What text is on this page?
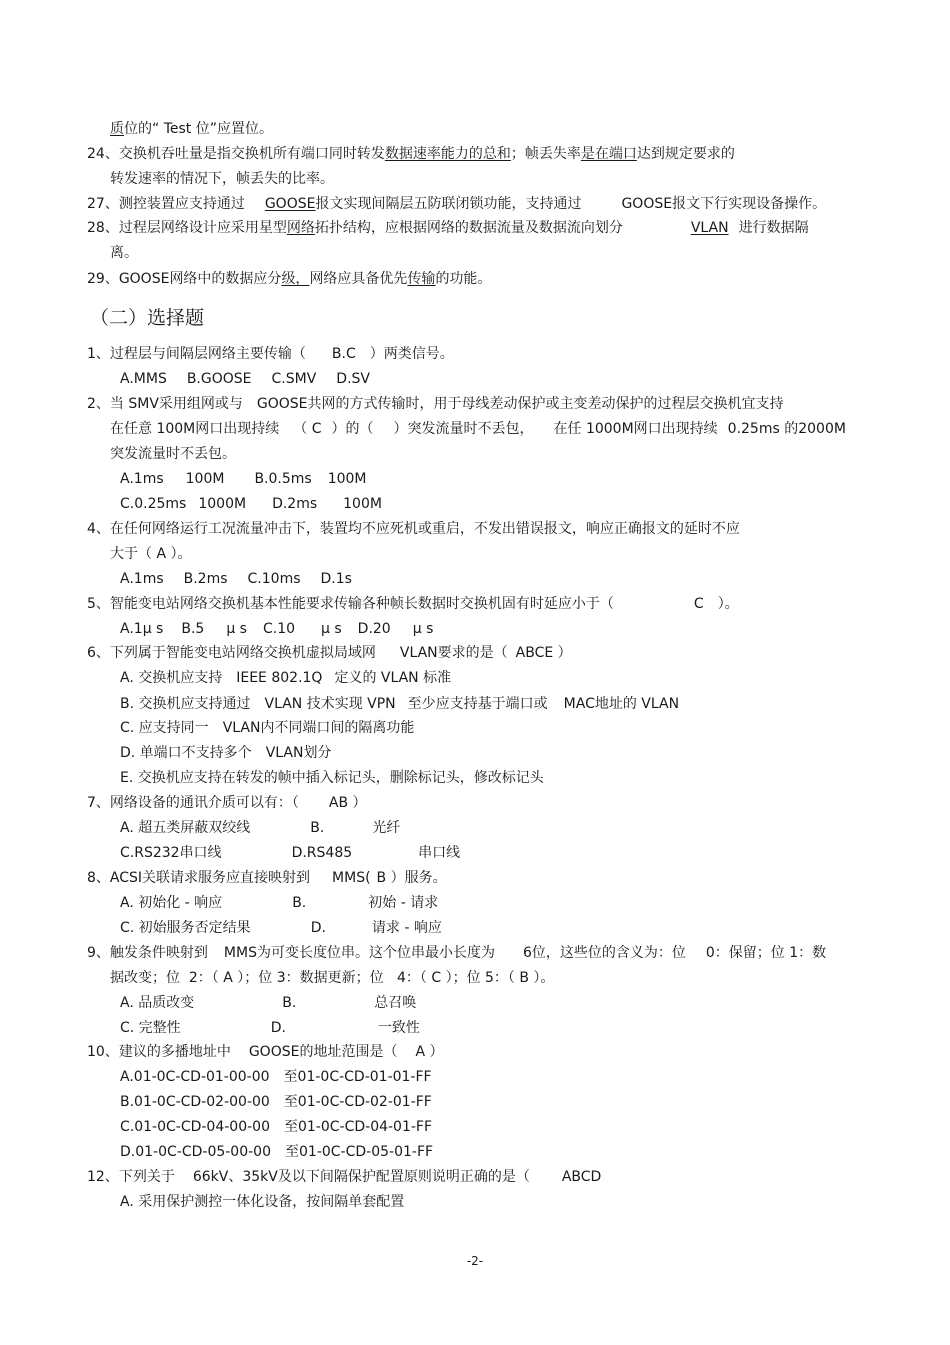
质位的“ Test 位”应置位。
24、交换机吞吐量是指交换机所有端口同时转发数据速率能力的总和；帧丢失率是在端口达到规定要求的
转发速率的情况下，帧丢失的比率。
27、测控装置应支持通过 GOOSE报文实现间隔层五防联闭锁功能，支持通过	GOOSE报文下行实现设备操作。
28、过程层网络设计应采用星型网络拓扑结构，应根据网络的数据流量及数据流向划分	VLAN 进行数据隔
离。
29、GOOSE网络中的数据应分级，网络应具备优先传输的功能。
（二）选择题
1、过程层与间隔层网络主要传输（ B.C ）两类信号。
A.MMS B.GOOSE C.SMV D.SV
2、当 SMV采用组网或与 GOOSE共网的方式传输时，用于母线差动保护或主变差动保护的过程层交换机宜支持
在任意 100M网口出现持续 （ C ）的（ ）突发流量时不丢包， 在任 1000M网口出现持续 0.25ms 的2000M
突发流量时不丢包。
A.1ms 100M B.0.5ms 100M
C.0.25ms 1000M D.2ms 100M
4、在任何网络运行工况流量冲击下，装置均不应死机或重启，不发出错误报文，响应正确报文的延时不应
大于（ A ）。
A.1ms B.2ms C.10ms D.1s
5、智能变电站网络交换机基本性能要求传输各种帧长数据时交换机固有时延应小于（	C ）。
A.1μ s B.5 μ s C.10 μ s D.20 μ s
6、下列属于智能变电站网络交换机虚拟局域网 VLAN要求的是（ ABCE ）
A. 交换机应支持 IEEE 802.1Q 定义的 VLAN 标准
B. 交换机应支持通过 VLAN 技术实现 VPN 至少应支持基于端口或 MAC地址的 VLAN
C. 应支持同一 VLAN内不同端口间的隔离功能
D. 单端口不支持多个 VLAN划分
E. 交换机应支持在转发的帧中插入标记头，删除标记头，修改标记头
7、网络设备的通讯介质可以有：（ AB ）
A. 超五类屏蔽双绞线	B.	光纤
C.RS232串口线	D.RS485	串口线
8、ACSI关联请求服务应直接映射到 MMS( B ）服务。
A. 初始化 - 响应	B.	初始 - 请求
C. 初始服务否定结果	D.	请求 - 响应
9、触发条件映射到 MMS为可变长度位串。这个位串最小长度为 6位，这些位的含义为：位 0：保留；位 1：数
据改变；位  2：（ A ）；位 3：数据更新；位   4：（ C ）；位 5：（ B ）。
A. 品质改变	B.	总召唤
C. 完整性	D.	一致性
10、建议的多播地址中 GOOSE的地址范围是（ A ）
A.01-0C-CD-01-00-00 至01-0C-CD-01-01-FF
B.01-0C-CD-02-00-00 至01-0C-CD-02-01-FF
C.01-0C-CD-04-00-00 至01-0C-CD-04-01-FF
D.01-0C-CD-05-00-00 至01-0C-CD-05-01-FF
12、下列关于 66kV、35kV及以下间隔保护配置原则说明正确的是（ ABCD
A. 采用保护测控一体化设备，按间隔单套配置
-2-
